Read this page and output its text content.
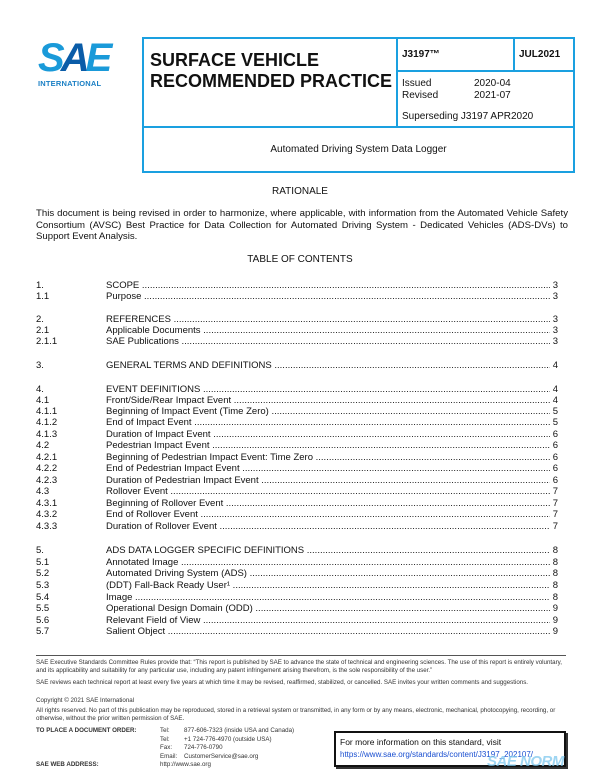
SAE
INTERNATIONAL
SURFACE VEHICLE
RECOMMENDED PRACTICE
J3197™	JUL2021
Issued	2020-04
Revised	2021-07
Superseding J3197 APR2020
Automated Driving System Data Logger
RATIONALE
This document is being revised in order to harmonize, where applicable, with information from the Automated Vehicle Safety Consortium (AVSC) Best Practice for Data Collection for Automated Driving System - Dedicated Vehicles (ADS-DVs) to Support Event Analysis.
TABLE OF CONTENTS
1.	SCOPE .....	3
1.1	Purpose .....	3
2.	REFERENCES .....	3
2.1	Applicable Documents .....	3
2.1.1	SAE Publications .....	3
3.	GENERAL TERMS AND DEFINITIONS .....	4
4.	EVENT DEFINITIONS .....	4
4.1	Front/Side/Rear Impact Event .....	4
4.1.1	Beginning of Impact Event (Time Zero) .....	5
4.1.2	End of Impact Event .....	5
4.1.3	Duration of Impact Event .....	6
4.2	Pedestrian Impact Event .....	6
4.2.1	Beginning of Pedestrian Impact Event: Time Zero .....	6
4.2.2	End of Pedestrian Impact Event .....	6
4.2.3	Duration of Pedestrian Impact Event .....	6
4.3	Rollover Event .....	7
4.3.1	Beginning of Rollover Event .....	7
4.3.2	End of Rollover Event .....	7
4.3.3	Duration of Rollover Event .....	7
5.	ADS DATA LOGGER SPECIFIC DEFINITIONS .....	8
5.1	Annotated Image .....	8
5.2	Automated Driving System (ADS) .....	8
5.3	(DDT) Fall-Back Ready User¹ .....	8
5.4	Image .....	8
5.5	Operational Design Domain (ODD) .....	9
5.6	Relevant Field of View .....	9
5.7	Salient Object .....	9
SAE Executive Standards Committee Rules provide that: “This report is published by SAE to advance the state of technical and engineering sciences. The use of this report is entirely voluntary, and its applicability and suitability for any particular use, including any patent infringement arising therefrom, is the sole responsibility of the user.”
SAE reviews each technical report at least every five years at which time it may be revised, reaffirmed, stabilized, or cancelled. SAE invites your written comments and suggestions.
Copyright © 2021 SAE International
All rights reserved. No part of this publication may be reproduced, stored in a retrieval system or transmitted, in any form or by any means, electronic, mechanical, photocopying, recording, or otherwise, without the prior written permission of SAE.
TO PLACE A DOCUMENT ORDER:	Tel: 877-606-7323 (inside USA and Canada)
Tel: +1 724-776-4970 (outside USA)
Fax: 724-776-0790
Email: CustomerService@sae.org
SAE WEB ADDRESS:	http://www.sae.org
For more information on this standard, visit
https://www.sae.org/standards/content/J3197_202107/
SAE NORM
